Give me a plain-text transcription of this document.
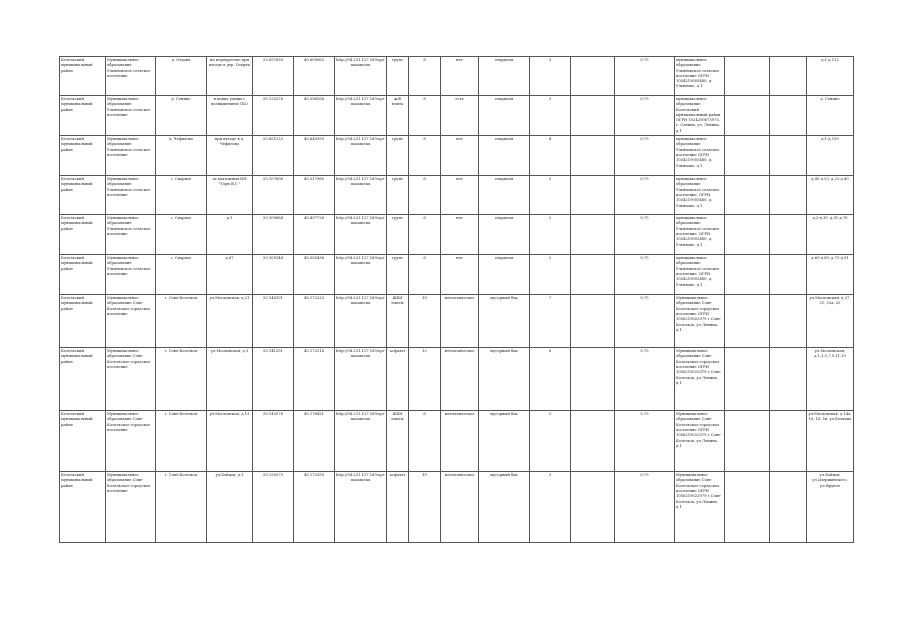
Козельский муниципальный район	Муниципальное образование Ульяновское сельское поселение	д. Озерна	на перекрестке при въезде в дер. Озерна	53.857839	40.609963	http://94.231.127.189/opi-mainmenu	грунт	8	нет	открытая	3		0,75	муниципальное образование Ульяновское сельское поселение ОГРН 1054219005480, д. Ульяново, д.1			д.1-д.112
Козельский муниципальный район	Муниципальное образование Ульяновское сельское поселение	д. Сенино	в конце улицы с возвышением ГКО	55.125274	40.594164	http://94.231.127.189/opi-mainmenu	ж/б плита	8	есть	открытая	3		0,75	муниципальное образование Козельский муниципальный район ОГРН 1024200675975, г. Сенина, ул. Ленина, д.1			д. Сенино
Козельский муниципальный район	Муниципальное образование Ульяновское сельское поселение	д. Чефилово	при въезде в д. Чефилово	55.851123	40.645993	http://94.231.127.189/opi-mainmenu	грунт	8	нет	открытая	4		0,75	муниципальное образование Ульяновское сельское поселение ОГРН 1054219005480, д. Ульяново, д.1			д.1-д.139
Козельский муниципальный район	Муниципальное образование Ульяновское сельское поселение	с. Сварное	за магазином ИП "Горн В.Г."	55.107696	40.517960	http://94.231.127.189/opi-mainmenu	грунт	6	нет	открытая	2		0,75	муниципальное образование Ульяновское сельское поселение, ОГРН 1054219005480, д. Ульяново, д.1			д.43-д.52, д.22-д.40
Козельский муниципальный район	Муниципальное образование Ульяновское сельское поселение	с. Сварное	д.1	55.109884	40.497728	http://94.231.127.189/opi-mainmenu	грунт	6	нет	открытая	2		0,75	муниципальное образование Ульяновское сельское поселение, ОГРН 1054219005480, д. Ульяново, д.1			д.2-д.19, д.51-д.70
Козельский муниципальный район	Муниципальное образование Ульяновское сельское поселение	с. Сварное	д.67	55.109144	40.505436	http://94.231.127.189/opi-mainmenu	грунт	6	нет	открытая	2		0,75	муниципальное образование Ульяновское сельское поселение, ОГРН 1054219005480, д. Ульяново, д.1			д.65-д.85, д.72-д.91
Козельский муниципальный район	Муниципальное образование Сове-Козельское городское поселение	г. Сове-Козельск	ул.Московская, д.21	55.140101	40.172225	http://94.231.127.189/opi-mainmenu	ЖБИ плиты	10	металлическое	мусорный бак	7		0,75	Муниципальное образование Сове-Козельское городское поселение ОГРН 1056219022979 г.Сове-Козельск, ул.Ленина, д.1			ул.Московская, д.27, 21, 23а, 25
Козельский муниципальный район	Муниципальное образование Сове-Козельское городское поселение	г. Сове-Козельск	ул.Московская, д.3	55.141201	40.172214	http://94.231.127.189/opi-mainmenu	асфальт	12	металлическое	мусорный бак	6		0,75	Муниципальное образование Сове-Козельское городское поселение ОГРН 1056219022979 г.Сове-Козельск, ул.Ленина, д.1			ул.Московская, д.1,3,5,7,9,11,19
Козельский муниципальный район	Муниципальное образование Сове-Козельское городское поселение	г. Сове-Козельск	ул.Московская, д.13	55.143576	40.176421	http://94.231.127.189/opi-mainmenu	ЖБИ плиты	6	металлическое	мусорный бак	1		0,75	Муниципальное образование Сове-Козельское городское поселение ОГРН 1056219022979 г.Сове-Козельск, ул.Ленина, д.1			ул.Московская, д.14а, 16, 16, 1в, ул.Бочкова
Козельский муниципальный район	Муниципальное образование Сове-Козельское городское поселение	г. Сове-Козельск	ул.Бойцов, д.1	55.150575	40.172559	http://94.231.127.189/opi-mainmenu	асфальт	10	металлическое	мусорный бак	3		0,75	Муниципальное образование Сове-Козельское городское поселение ОГРН 1056219022979 г.Сове-Козельск, ул.Ленина, д.1			ул.Бойцов, ул.Дзержинского, ул.Фрунзе
